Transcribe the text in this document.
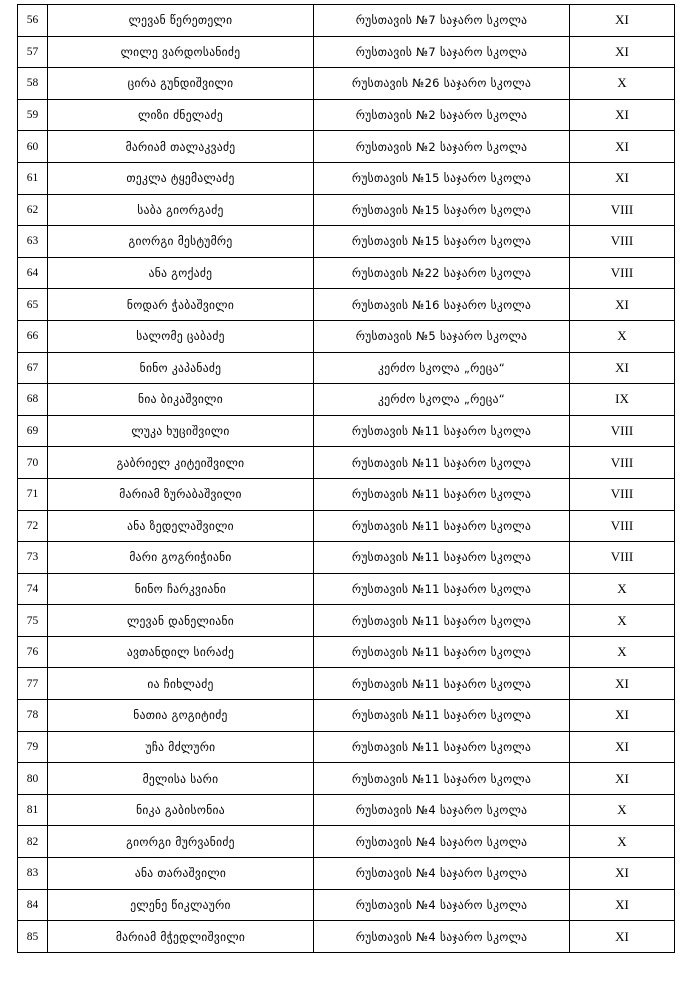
56	ლევან წერეთელი	რუსთავის №7 საჯარო სკოლა	XI
57	ლილე ვარდოსანიძე	რუსთავის №7 საჯარო სკოლა	XI
58	ცირა გუნდიშვილი	რუსთავის №26 საჯარო სკოლა	X
59	ლიზი ძნელაძე	რუსთავის №2 საჯარო სკოლა	XI
60	მარიამ თალაკვაძე	რუსთავის №2 საჯარო სკოლა	XI
61	თეკლა ტყემალაძე	რუსთავის №15 საჯარო სკოლა	XI
62	საბა გიორგაძე	რუსთავის №15 საჯარო სკოლა	VIII
63	გიორგი მესტუმრე	რუსთავის №15 საჯარო სკოლა	VIII
64	ანა გოქაძე	რუსთავის №22 საჯარო სკოლა	VIII
65	ნოდარ ჭაბაშვილი	რუსთავის №16 საჯარო სკოლა	XI
66	სალომე ცაბაძე	რუსთავის №5 საჯარო სკოლა	X
67	ნინო კაპანაძე	კერძო სკოლა „რეცა“	XI
68	ნია ბიკაშვილი	კერძო სკოლა „რეცა“	IX
69	ლუკა ხუციშვილი	რუსთავის №11 საჯარო სკოლა	VIII
70	გაბრიელ კიტეიშვილი	რუსთავის №11 საჯარო სკოლა	VIII
71	მარიამ ზურაბაშვილი	რუსთავის №11 საჯარო სკოლა	VIII
72	ანა ზედელაშვილი	რუსთავის №11 საჯარო სკოლა	VIII
73	მარი გოგრიჭიანი	რუსთავის №11 საჯარო სკოლა	VIII
74	ნინო ჩარკვიანი	რუსთავის №11 საჯარო სკოლა	X
75	ლევან დანელიანი	რუსთავის №11 საჯარო სკოლა	X
76	ავთანდილ სირაძე	რუსთავის №11 საჯარო სკოლა	X
77	ია ჩიხლაძე	რუსთავის №11 საჯარო სკოლა	XI
78	ნათია გოგიტიძე	რუსთავის №11 საჯარო სკოლა	XI
79	უჩა მძლური	რუსთავის №11 საჯარო სკოლა	XI
80	მელისა სარი	რუსთავის №11 საჯარო სკოლა	XI
81	ნიკა გაბისონია	რუსთავის №4 საჯარო სკოლა	X
82	გიორგი მურვანიძე	რუსთავის №4 საჯარო სკოლა	X
83	ანა თარაშვილი	რუსთავის №4 საჯარო სკოლა	XI
84	ელენე წიკლაური	რუსთავის №4 საჯარო სკოლა	XI
85	მარიამ მჭედლიშვილი	რუსთავის №4 საჯარო სკოლა	XI
